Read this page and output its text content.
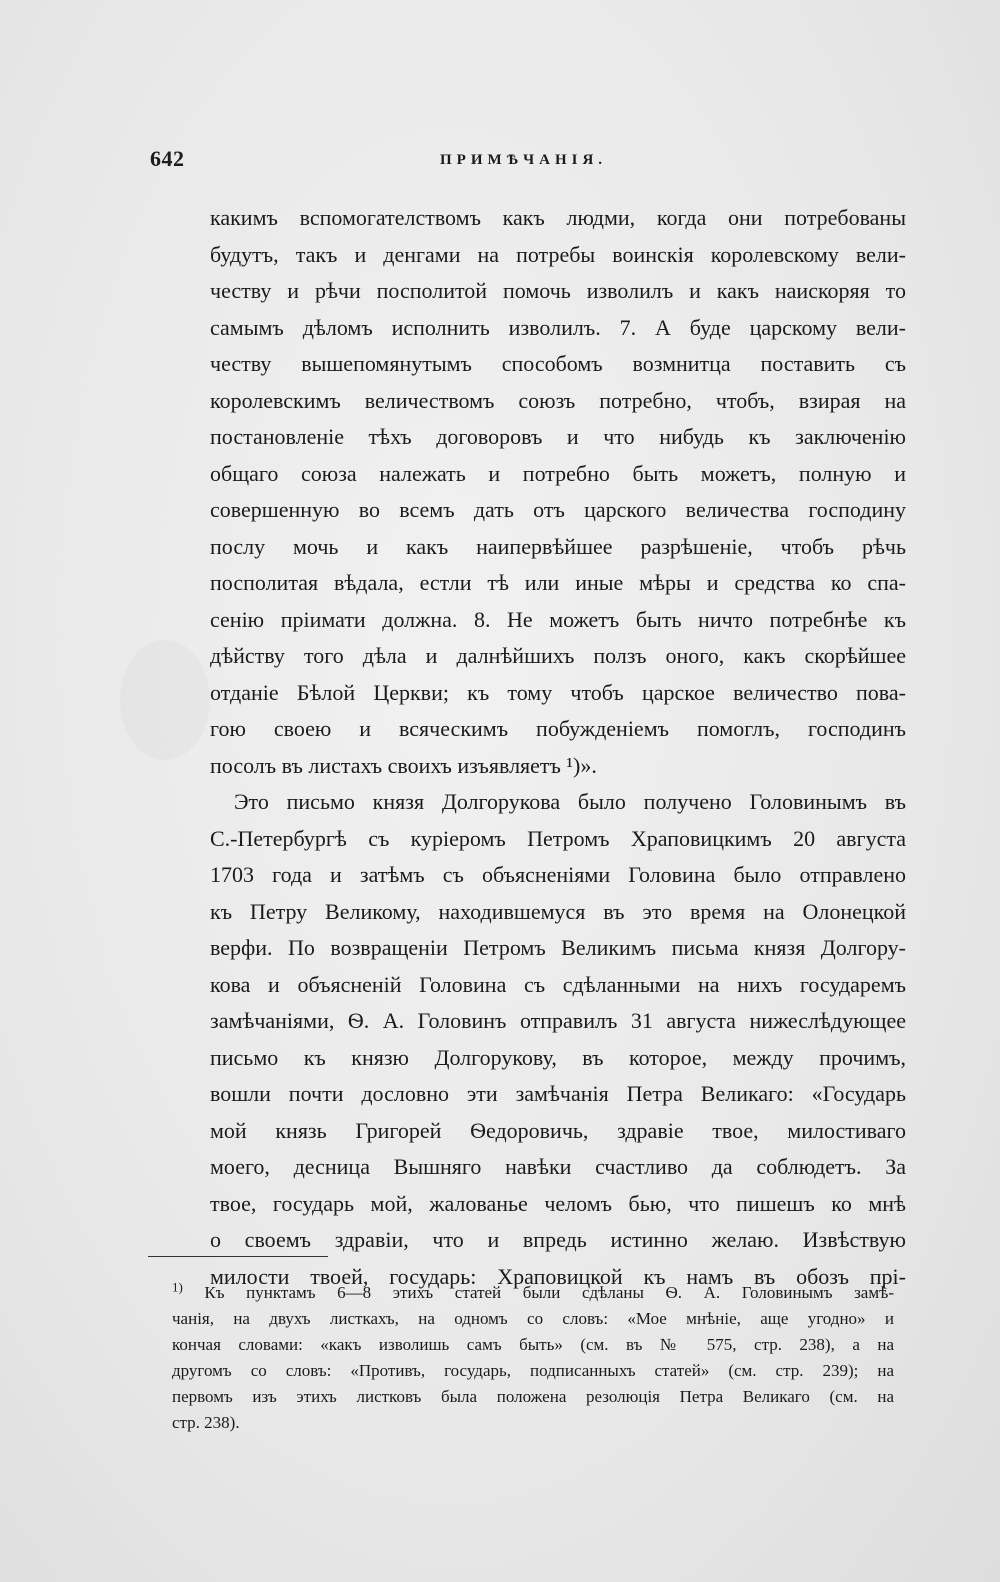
642	ПРИМѢЧАНІЯ.
какимъ вспомогателствомъ какъ людми, когда они потребованы
будутъ, такъ и денгами на потребы воинскія королевскому вели-
честву и рѣчи посполитой помочь изволилъ и какъ наискоряя то
самымъ дѣломъ исполнить изволилъ. 7. А буде царскому вели-
честву вышепомянутымъ способомъ возмнитца поставить съ
королевскимъ величествомъ союзъ потребно, чтобъ, взирая на
постановленіе тѣхъ договоровъ и что нибудь къ заключенію
общаго союза належать и потребно быть можетъ, полную и
совершенную во всемъ дать отъ царского величества господину
послу мочь и какъ наипервѣйшее разрѣшеніе, чтобъ рѣчь
посполитая вѣдала, естли тѣ или иные мѣры и средства ко спа-
сенію пріимати должна. 8. Не можетъ быть ничто потребнѣе къ
дѣйству того дѣла и далнѣйшихъ ползъ оного, какъ скорѣйшее
отданіе Бѣлой Церкви; къ тому чтобъ царское величество пова-
гою своею и всяческимъ побужденіемъ помоглъ, господинъ
посолъ въ листахъ своихъ изъявляетъ ¹)».
Это письмо князя Долгорукова было получено Головинымъ въ
С.-Петербургѣ съ куріеромъ Петромъ Храповицкимъ 20 августа
1703 года и затѣмъ съ объясненіями Головина было отправлено
къ Петру Великому, находившемуся въ это время на Олонецкой
верфи. По возвращеніи Петромъ Великимъ письма князя Долгору-
кова и объясненій Головина съ сдѣланными на нихъ государемъ
замѣчаніями, Ѳ. А. Головинъ отправилъ 31 августа нижеслѣдующее
письмо къ князю Долгорукову, въ которое, между прочимъ,
вошли почти дословно эти замѣчанія Петра Великаго: «Государь
мой князь Григорей Ѳедоровичь, здравіе твое, милостиваго
моего, десница Вышняго навѣки счастливо да соблюдетъ. За
твое, государь мой, жалованье челомъ бью, что пишешъ ко мнѣ
о своемъ здравіи, что и впредь истинно желаю. Извѣствую
милости твоей, государь: Храповицкой къ намъ въ обозъ прі-
$^{1)}$ Къ пунктамъ 6—8 этихъ статей были сдѣланы Ѳ. А. Головинымъ замѣ-
чанія, на двухъ листкахъ, на одномъ со словъ: «Мое мнѣніе, аще угодно» и
кончая словами: «какъ изволишь самъ быть» (см. въ № 575, стр. 238), а на
другомъ со словъ: «Противъ, государь, подписанныхъ статей» (см. стр. 239); на
первомъ изъ этихъ листковъ была положена резолюція Петра Великаго (см. на
стр. 238).
